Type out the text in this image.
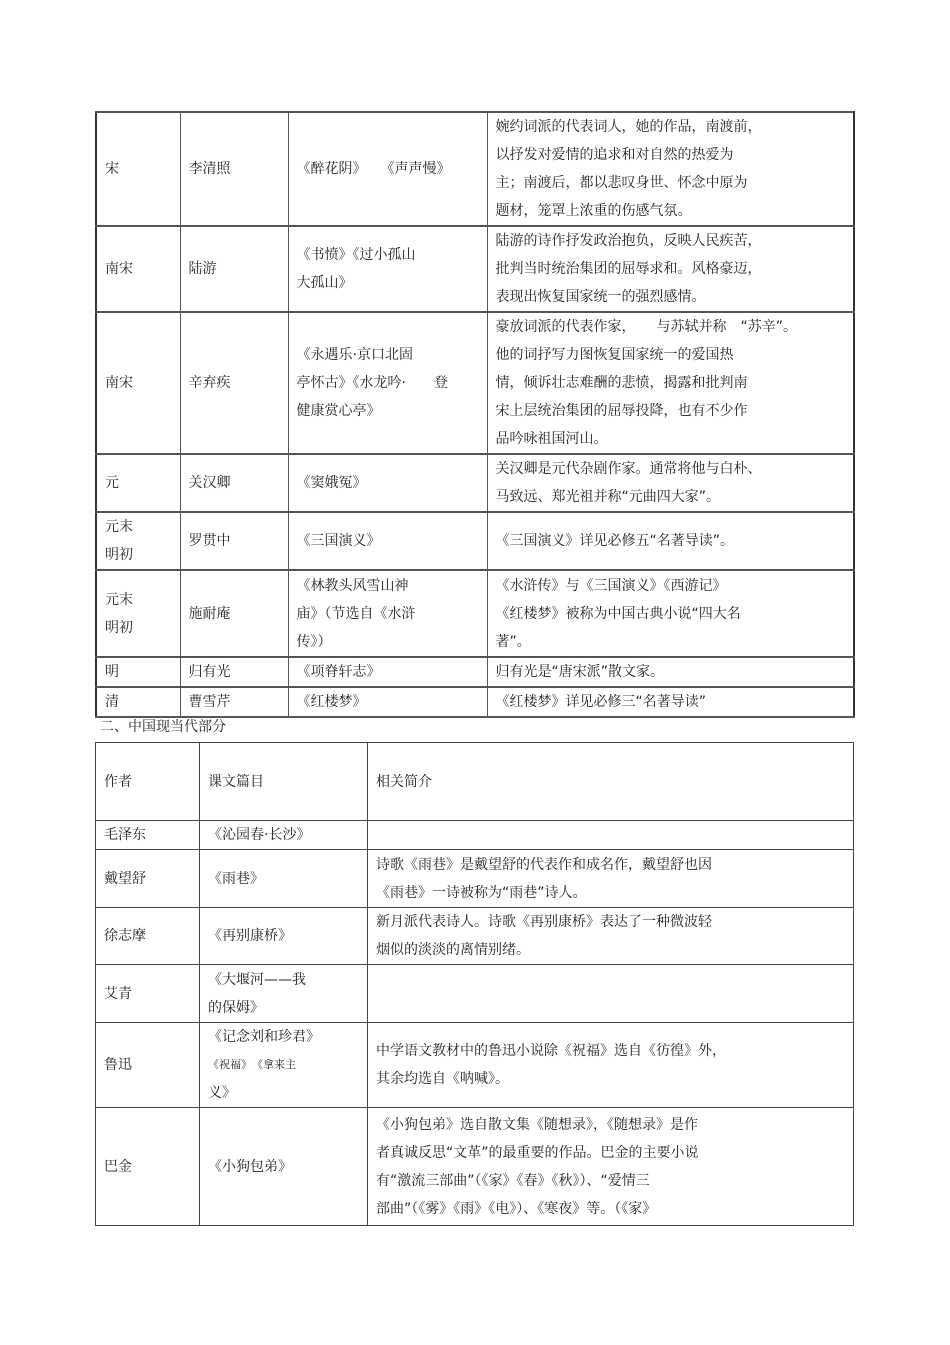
宋	李清照	《醉花阴》　　《声声慢》	婉约词派的代表词人，她的作品，南渡前，
以抒发对爱情的追求和对自然的热爱为
主；南渡后，都以悲叹身世、怀念中原为
题材，笼罩上浓重的伤感气氛。

南宋	陆游	《书愤》《过小孤山
大孤山》	陆游的诗作抒发政治抱负，反映人民疾苦，
批判当时统治集团的屈辱求和。风格豪迈，
表现出恢复国家统一的强烈感情。

南宋	辛弃疾	《永遇乐·京口北固
亭怀古》《水龙吟·　　登
健康赏心亭》	豪放词派的代表作家，　　与苏轼并称　“苏辛”。
他的词抒写力图恢复国家统一的爱国热
情，倾诉壮志难酬的悲愤，揭露和批判南
宋上层统治集团的屈辱投降，也有不少作
品吟咏祖国河山。

元	关汉卿	《窦娥冤》	关汉卿是元代杂剧作家。通常将他与白朴、
马致远、郑光祖并称“元曲四大家”。

元末
明初	罗贯中	《三国演义》	《三国演义》详见必修五“名著导读”。

元末
明初	施耐庵	《林教头风雪山神
庙》（节选自《水浒
传》）	《水浒传》与《三国演义》《西游记》
《红楼梦》被称为中国古典小说“四大名
著”。

明	归有光	《项脊轩志》	归有光是“唐宋派”散文家。

清	曹雪芹	《红楼梦》	《红楼梦》详见必修三“名著导读”
二、中国现当代部分
作者	课文篇目	相关简介
毛泽东	《沁园春·长沙》	

戴望舒	《雨巷》	诗歌《雨巷》是戴望舒的代表作和成名作，戴望舒也因
《雨巷》一诗被称为“雨巷”诗人。

徐志摩	《再别康桥》	新月派代表诗人。诗歌《再别康桥》表达了一种微波轻
烟似的淡淡的离情别绪。

艾青	《大堰河——我
的保姆》	

鲁迅	《记念刘和珍君》
《祝福》　《拿来主
义》	中学语文教材中的鲁迅小说除《祝福》选自《彷徨》外，
其余均选自《呐喊》。

巴金	《小狗包弟》	《小狗包弟》选自散文集《随想录》，《随想录》是作
者真诚反思“文革”的最重要的作品。巴金的主要小说
有“激流三部曲”（《家》《春》《秋》）、“爱情三
部曲”（《雾》《雨》《电》）、《寒夜》等。（《家》
